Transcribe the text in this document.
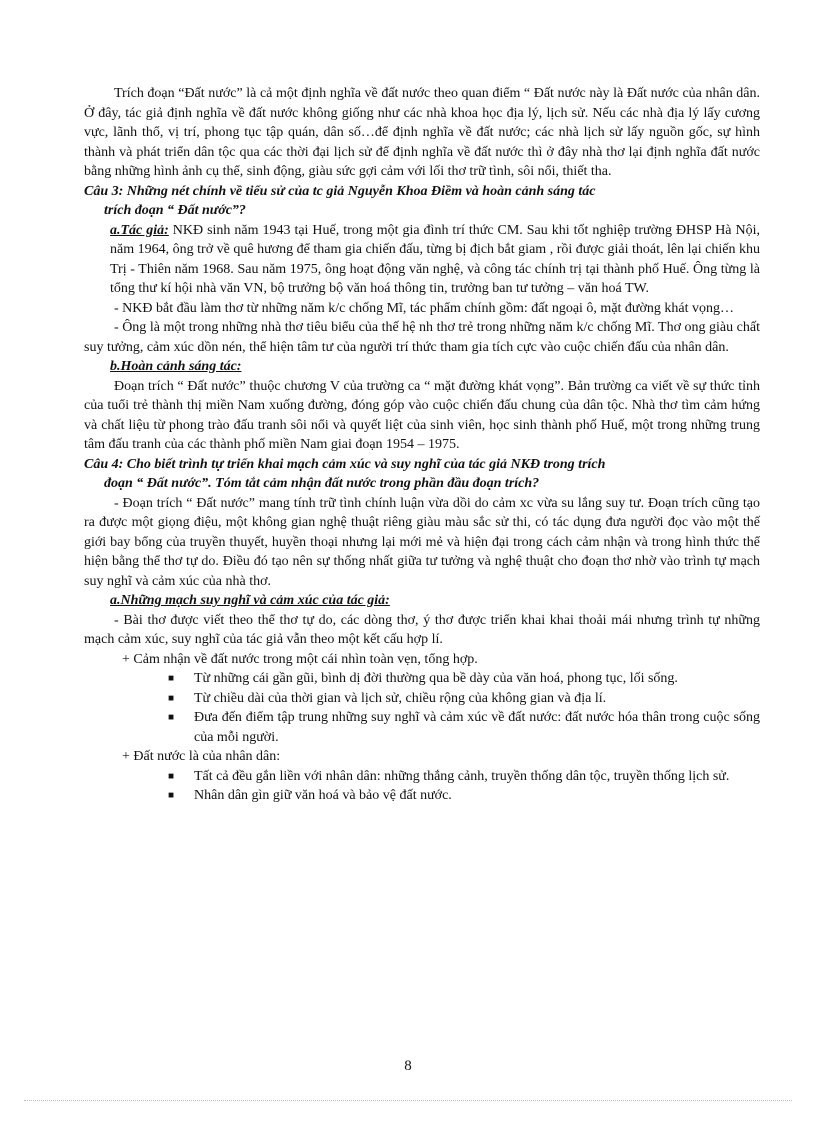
Trích đoạn “Đất nước” là cả một định nghĩa về đất nước theo quan điểm “ Đất nước này là Đất nước của nhân dân. Ở đây, tác giả định nghĩa về đất nước không giống như các nhà khoa học địa lý, lịch sử. Nếu các nhà địa lý lấy cương vực, lãnh thổ, vị trí, phong tục tập quán, dân số…để định nghĩa về đất nước; các nhà lịch sử lấy nguồn gốc, sự hình thành và phát triển dân tộc qua các thời đại lịch sử để định nghĩa về đất nước thì ở đây nhà thơ lại định nghĩa đất nước bằng những hình ảnh cụ thể, sinh động, giàu sức gợi cảm với lối thơ trữ tình, sôi nổi, thiết tha.

Câu 3: Những nét chính về tiểu sử của tc giả Nguyễn Khoa Điềm và hoàn cảnh sáng tác
trích đoạn “ Đất nước”?

a.Tác giả: NKĐ sinh năm 1943 tại Huế, trong một gia đình trí thức CM. Sau khi tốt nghiệp trường ĐHSP Hà Nội, năm 1964, ông trở về quê hương để tham gia chiến đấu, từng bị địch bắt giam , rồi được giải thoát, lên lại chiến khu Trị - Thiên năm 1968. Sau năm 1975, ông hoạt động văn nghệ, và công tác chính trị tại thành phố Huế. Ông từng là tổng thư kí hội nhà văn VN, bộ trưởng bộ văn hoá thông tin, trưởng ban tư tưởng – văn hoá TW.

- NKĐ bắt đầu làm thơ từ những năm k/c chống Mĩ, tác phẩm chính gồm: đất ngoại ô, mặt đường khát vọng…

- Ông là một trong những nhà thơ tiêu biểu của thế hệ nh thơ trẻ trong những năm k/c chống Mĩ. Thơ ong giàu chất suy tưởng, cảm xúc dồn nén, thể hiện tâm tư của người trí thức tham gia tích cực vào cuộc chiến đấu của nhân dân.

b.Hoàn cảnh sáng tác:

Đoạn trích “ Đất nước” thuộc chương V của trường ca “ mặt đường khát vọng”. Bản trường ca viết về sự thức tỉnh của tuổi trẻ thành thị miền Nam xuống đường, đóng góp vào cuộc chiến đấu chung của dân tộc. Nhà thơ tìm cảm hứng và chất liệu từ phong trào đấu tranh sôi nổi và quyết liệt của sinh viên, học sinh thành phố Huế, một trong những trung tâm đấu tranh của các thành phố miền Nam giai đoạn 1954 – 1975.

Câu 4: Cho biết trình tự triển khai mạch cảm xúc và suy nghĩ của tác giả NKĐ trong trích
đoạn “ Đất nước”. Tóm tắt cảm nhận đất nước trong phần đầu đoạn trích?

- Đoạn trích “ Đất nước” mang tính trữ tình chính luận vừa dồi do cảm xc vừa su lắng suy tư. Đoạn trích cũng tạo ra được một giọng điệu, một không gian nghệ thuật riêng giàu màu sắc sử thi, có tác dụng đưa người đọc vào một thế giới bay bổng của truyền thuyết, huyền thoại nhưng lại mới mẻ và hiện đại trong cách cảm nhận và trong hình thức thể hiện bằng thể thơ tự do. Điều đó tạo nên sự thống nhất giữa tư tưởng và nghệ thuật cho đoạn thơ nhờ vào trình tự mạch suy nghĩ và cảm xúc của nhà thơ.

a.Những mạch suy nghĩ và cảm xúc của tác giả:

- Bài thơ được viết theo thể thơ tự do, các dòng thơ, ý thơ được triển khai khai thoải mái nhưng trình tự những mạch cảm xúc, suy nghĩ của tác giả vẫn theo một kết cấu hợp lí.

+ Cảm nhận về đất nước trong một cái nhìn toàn vẹn, tổng hợp.

■ Từ những cái gần gũi, bình dị đời thường qua bề dày của văn hoá, phong tục, lối sống.
■ Từ chiều dài của thời gian và lịch sử, chiều rộng của không gian và địa lí.
■ Đưa đến điểm tập trung những suy nghĩ và cảm xúc về đất nước: đất nước hóa thân trong cuộc sống của mỗi người.

+ Đất nước là của nhân dân:

■ Tất cả đều gắn liền với nhân dân: những thắng cảnh, truyền thống dân tộc, truyền thống lịch sử.
■ Nhân dân gìn giữ văn hoá và bảo vệ đất nước.
8
